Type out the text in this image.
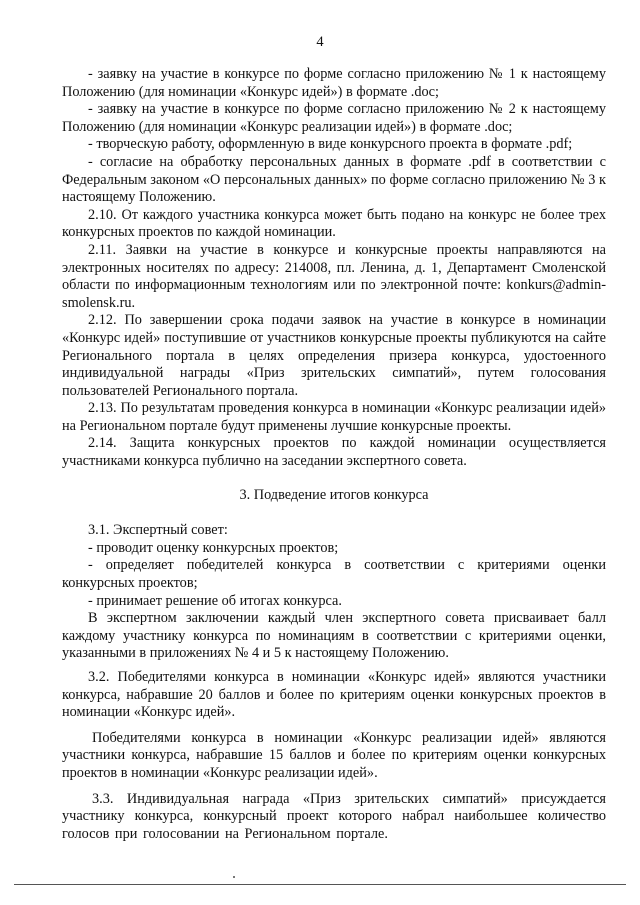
4

- заявку на участие в конкурсе по форме согласно приложению № 1 к настоящему Положению (для номинации «Конкурс идей») в формате .doc;

- заявку на участие в конкурсе по форме согласно приложению № 2 к настоящему Положению (для номинации «Конкурс реализации идей») в формате .doc;

- творческую работу, оформленную в виде конкурсного проекта в формате .pdf;

- согласие на обработку персональных данных в формате .pdf в соответствии с Федеральным законом «О персональных данных» по форме согласно приложению № 3 к настоящему Положению.

2.10. От каждого участника конкурса может быть подано на конкурс не более трех конкурсных проектов по каждой номинации.

2.11. Заявки на участие в конкурсе и конкурсные проекты направляются на электронных носителях по адресу: 214008, пл. Ленина, д. 1, Департамент Смоленской области по информационным технологиям или по электронной почте: konkurs@admin-smolensk.ru.

2.12. По завершении срока подачи заявок на участие в конкурсе в номинации «Конкурс идей» поступившие от участников конкурсные проекты публикуются на сайте Регионального портала в целях определения призера конкурса, удостоенного индивидуальной награды «Приз зрительских симпатий», путем голосования пользователей Регионального портала.

2.13. По результатам проведения конкурса в номинации «Конкурс реализации идей» на Региональном портале будут применены лучшие конкурсные проекты.

2.14. Защита конкурсных проектов по каждой номинации осуществляется участниками конкурса публично на заседании экспертного совета.

3. Подведение итогов конкурса

3.1. Экспертный совет:

- проводит оценку конкурсных проектов;

- определяет победителей конкурса в соответствии с критериями оценки конкурсных проектов;

- принимает решение об итогах конкурса.

В экспертном заключении каждый член экспертного совета присваивает балл каждому участнику конкурса по номинациям в соответствии с критериями оценки, указанными в приложениях № 4 и 5 к настоящему Положению.

3.2. Победителями конкурса в номинации «Конкурс идей» являются участники конкурса, набравшие 20 баллов и более по критериям оценки конкурсных проектов в номинации «Конкурс идей».

Победителями конкурса в номинации «Конкурс реализации идей» являются участники конкурса, набравшие 15 баллов и более по критериям оценки конкурсных проектов в номинации «Конкурс реализации идей».

3.3. Индивидуальная награда «Приз зрительских симпатий» присуждается участнику конкурса, конкурсный проект которого набрал наибольшее количество голосов при голосовании на Региональном портале.
